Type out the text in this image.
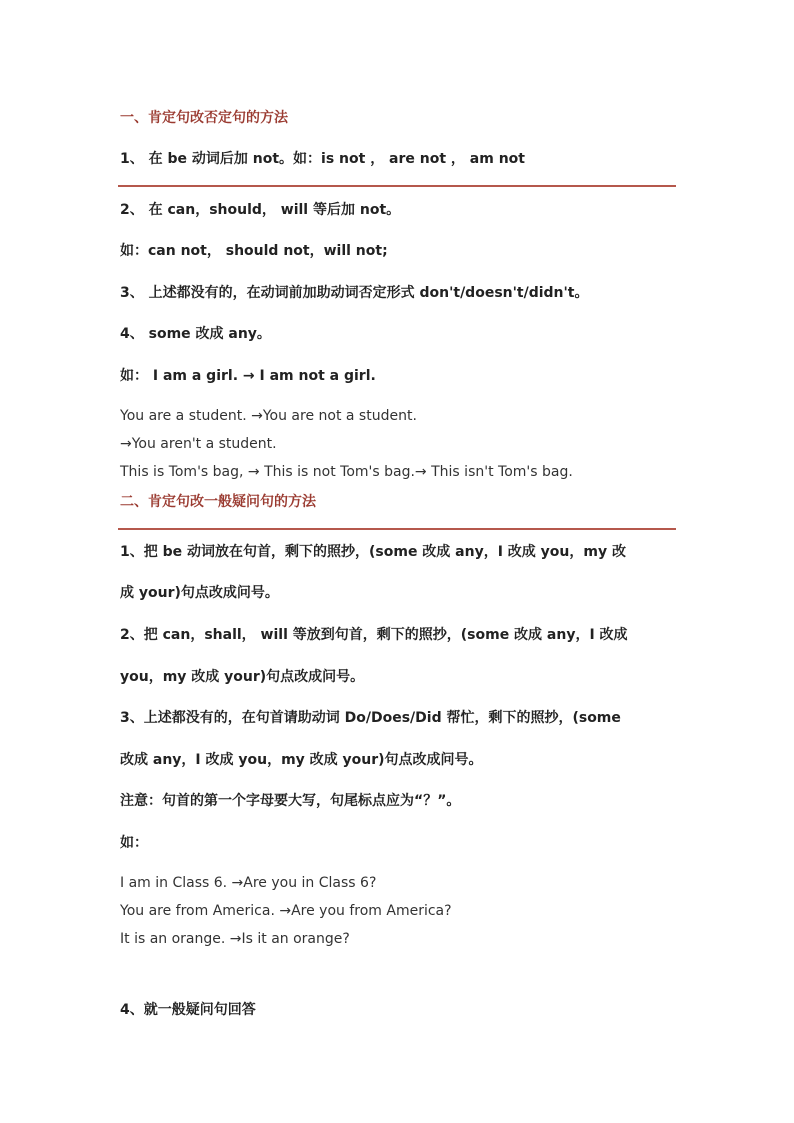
一、肯定句改否定句的方法
1、 在 be 动词后加 not。如：is not ， are not ， am not
2、 在 can，should， will 等后加 not。
如：can not， should not，will not;
3、 上述都没有的，在动词前加助动词否定形式 don't/doesn't/didn't。
4、 some 改成 any。
如： I am a girl. → I am not a girl.
You are a student. →You are not a student.
→You aren't a student.
This is Tom's bag, → This is not Tom's bag.→ This isn't Tom's bag.
二、肯定句改一般疑问句的方法
1、把 be 动词放在句首，剩下的照抄，(some 改成 any，I 改成 you，my 改
成 your)句点改成问号。
2、把 can，shall， will 等放到句首，剩下的照抄，(some 改成 any，I 改成
you，my 改成 your)句点改成问号。
3、上述都没有的，在句首请助动词 Do/Does/Did 帮忙，剩下的照抄，(some
改成 any，I 改成 you，my 改成 your)句点改成问号。
注意：句首的第一个字母要大写，句尾标点应为“？”。
如：
I am in Class 6. →Are you in Class 6?
You are from America. →Are you from America?
It is an orange. →Is it an orange?
4、就一般疑问句回答
